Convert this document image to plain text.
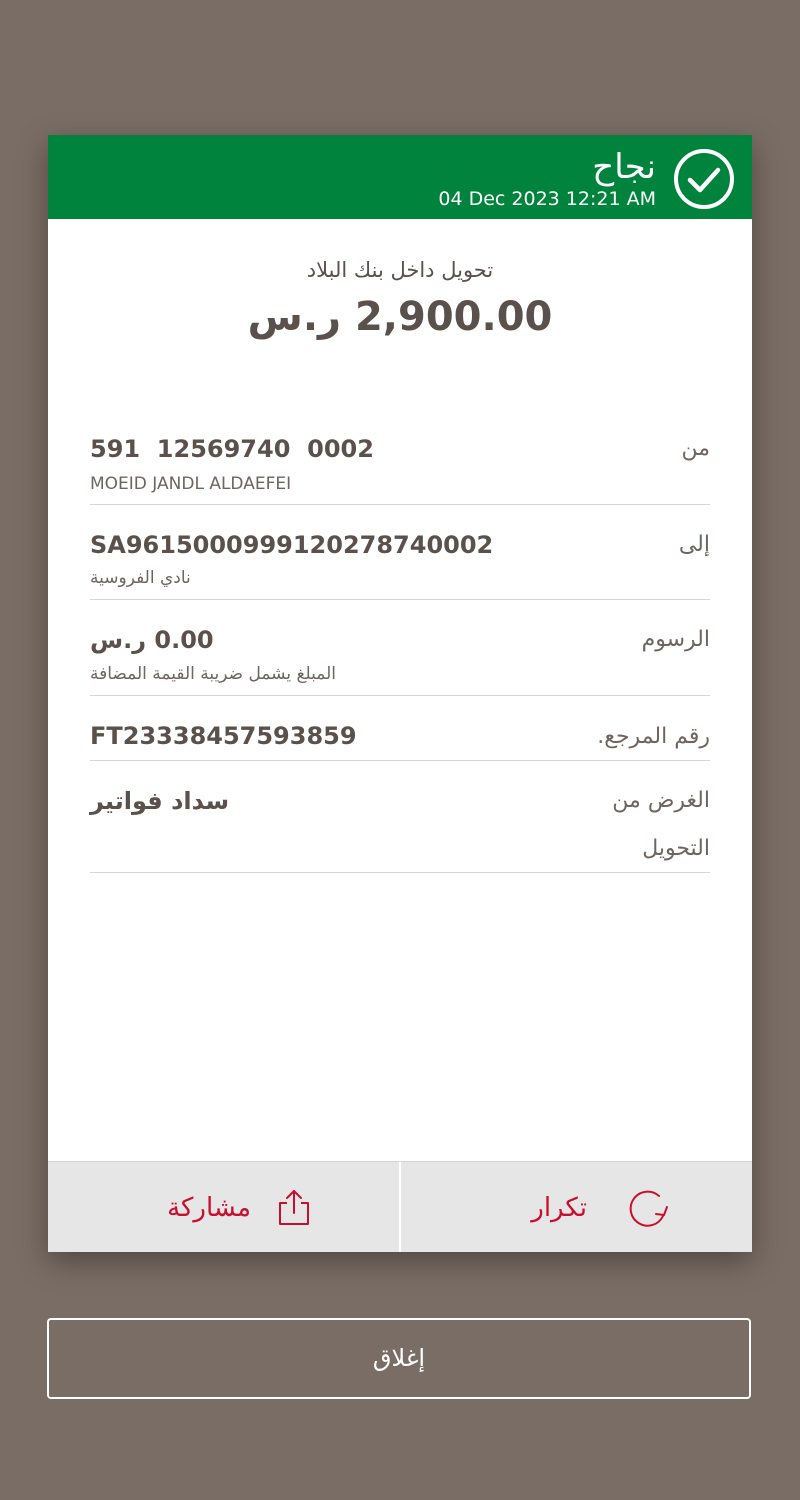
نجاح
04 Dec 2023 12:21 AM
تحويل داخل بنك البلاد
2,900.00 ر.س
من
591  12569740  0002
MOEID JANDL ALDAEFEI
إلى
SA9615000999120278740002
نادي الفروسية
الرسوم
0.00 ر.س
المبلغ يشمل ضريبة القيمة المضافة
رقم المرجع.
FT23338457593859
الغرض من
التحويل
سداد فواتير
مشاركة	تكرار
إغلاق
